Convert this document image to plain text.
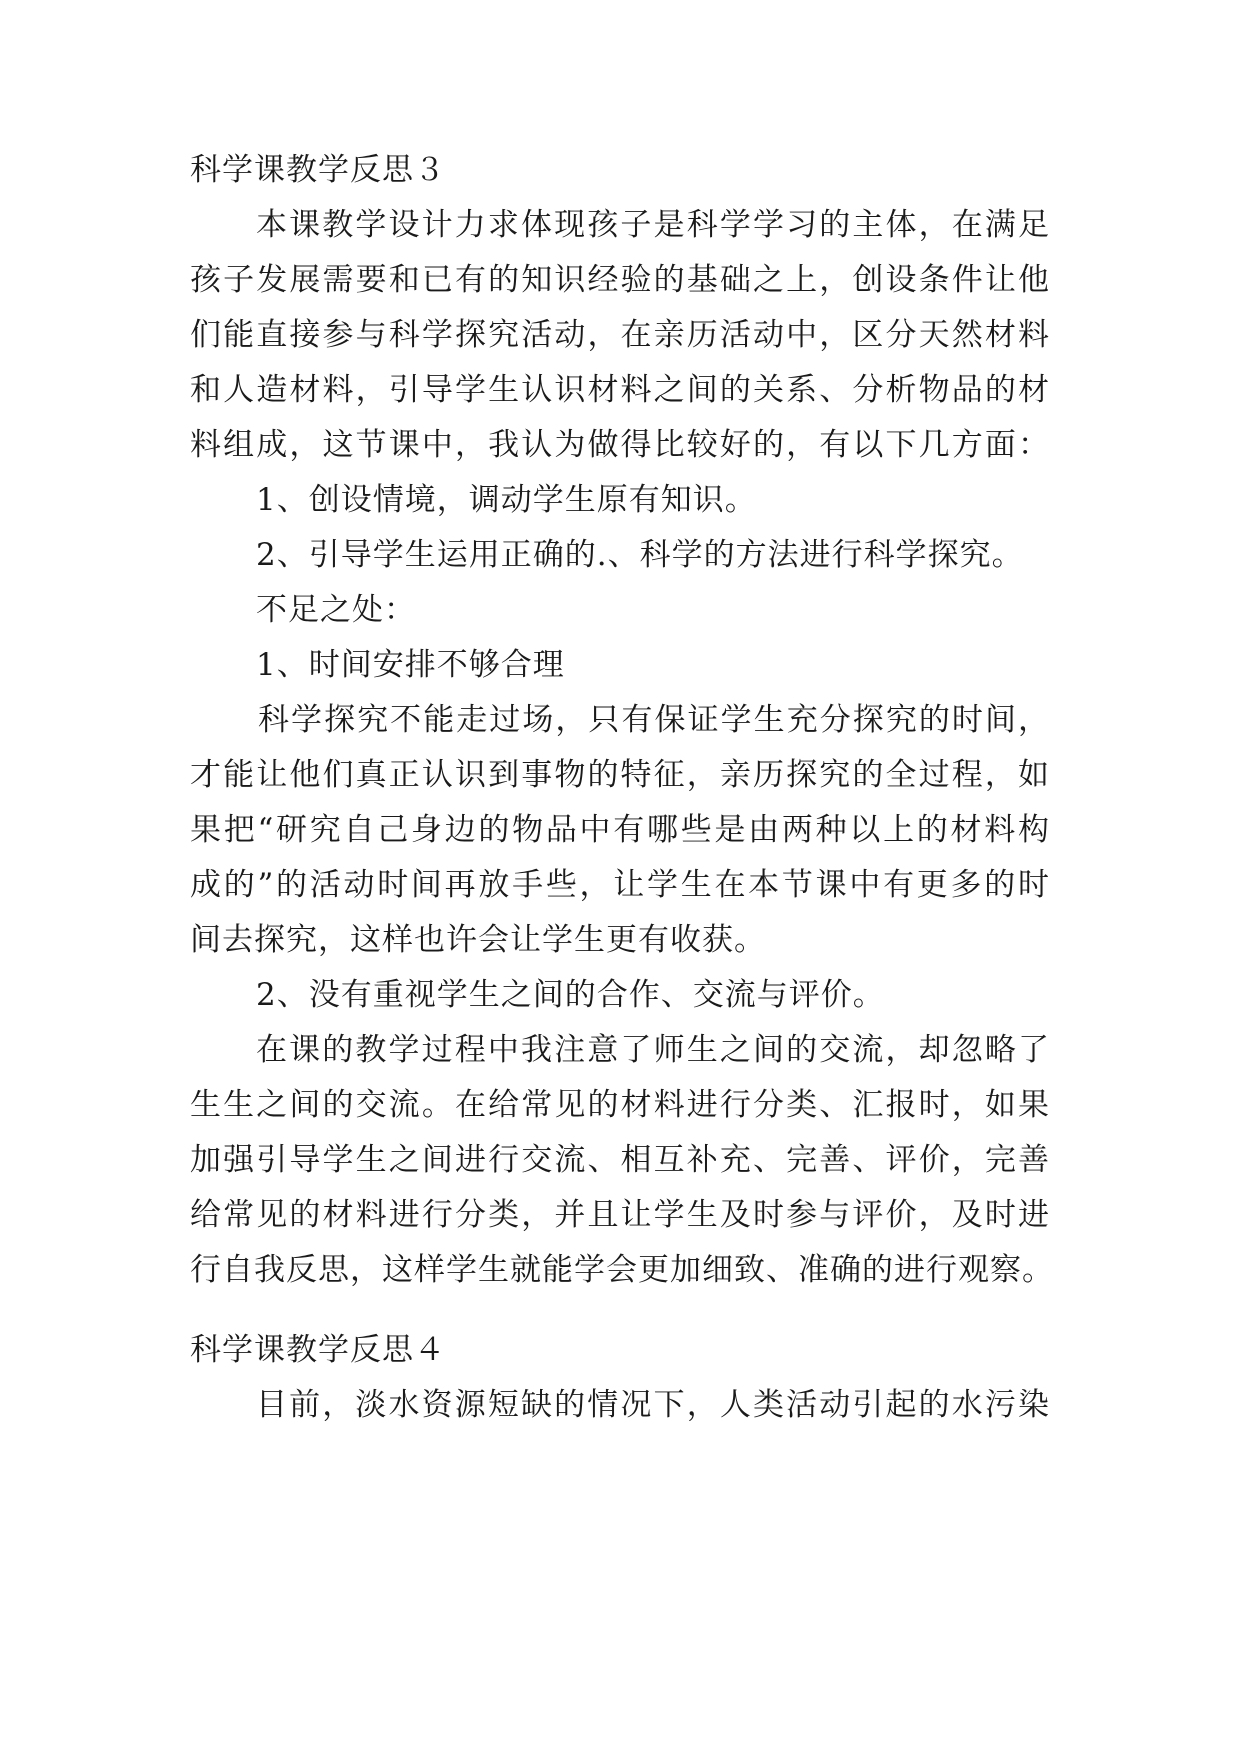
科学课教学反思３
本课教学设计力求体现孩子是科学学习的主体，在满足
孩子发展需要和已有的知识经验的基础之上，创设条件让他
们能直接参与科学探究活动，在亲历活动中，区分天然材料
和人造材料，引导学生认识材料之间的关系、分析物品的材
料组成，这节课中，我认为做得比较好的，有以下几方面：
1、创设情境，调动学生原有知识。
2、引导学生运用正确的.、科学的方法进行科学探究。
不足之处：
1、时间安排不够合理
科学探究不能走过场，只有保证学生充分探究的时间，
才能让他们真正认识到事物的特征，亲历探究的全过程，如
果把“研究自己身边的物品中有哪些是由两种以上的材料构
成的”的活动时间再放手些，让学生在本节课中有更多的时
间去探究，这样也许会让学生更有收获。
2、没有重视学生之间的合作、交流与评价。
在课的教学过程中我注意了师生之间的交流，却忽略了
生生之间的交流。在给常见的材料进行分类、汇报时，如果
加强引导学生之间进行交流、相互补充、完善、评价，完善
给常见的材料进行分类，并且让学生及时参与评价，及时进
行自我反思，这样学生就能学会更加细致、准确的进行观察。
科学课教学反思４
目前，淡水资源短缺的情况下，人类活动引起的水污染
